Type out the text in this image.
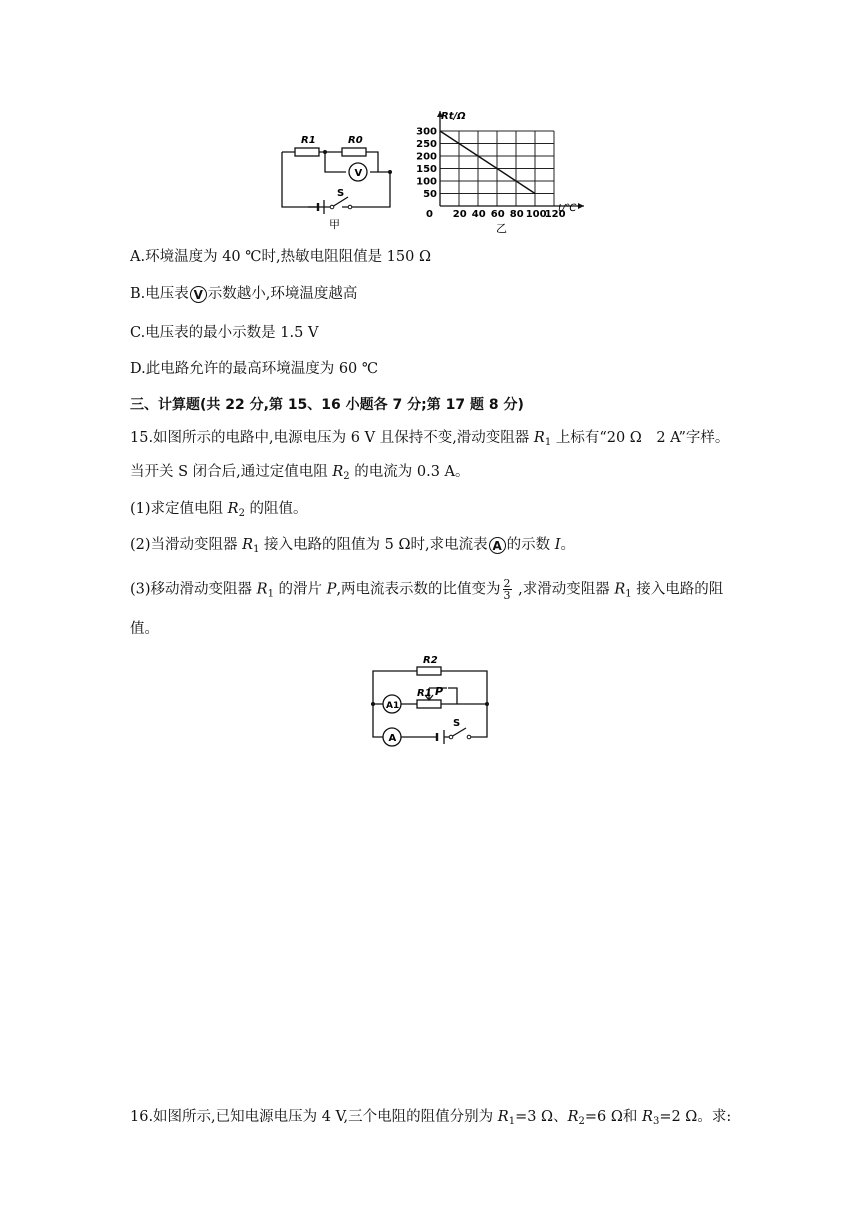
R1	R0
V
S
甲
0 20 40 60 80 100
120
50
100
150
200
250
300
Rt/Ω
t/℃
乙
A.环境温度为 40 ℃时,热敏电阻阻值是 150 Ω
B.电压表 V 示数越小,环境温度越高
C.电压表的最小示数是 1.5 V
D.此电路允许的最高环境温度为 60 ℃
三、计算题(共 22 分,第 15、16 小题各 7 分;第 17 题 8 分)
15.如图所示的电路中,电源电压为 6 V 且保持不变,滑动变阻器 $R_1$ 上标有“20 Ω　2 A”字样。
当开关 S 闭合后,通过定值电阻 $R_2$ 的电流为 0.3 A。
(1)求定值电阻 $R_2$ 的阻值。
(2)当滑动变阻器 $R_1$ 接入电路的阻值为 5 Ω时,求电流表 A 的示数 I。
(3)移动滑动变阻器 $R_1$ 的滑片 P,两电流表示数的比值变为 $\frac{2}{3}$ ,求滑动变阻器 $R_1$ 接入电路的阻
值。
R2
R1 P
A1
A
S
16.如图所示,已知电源电压为 4 V,三个电阻的阻值分别为 $R_1=3$ Ω、$R_2=6$ Ω和 $R_3=2$ Ω。求:
